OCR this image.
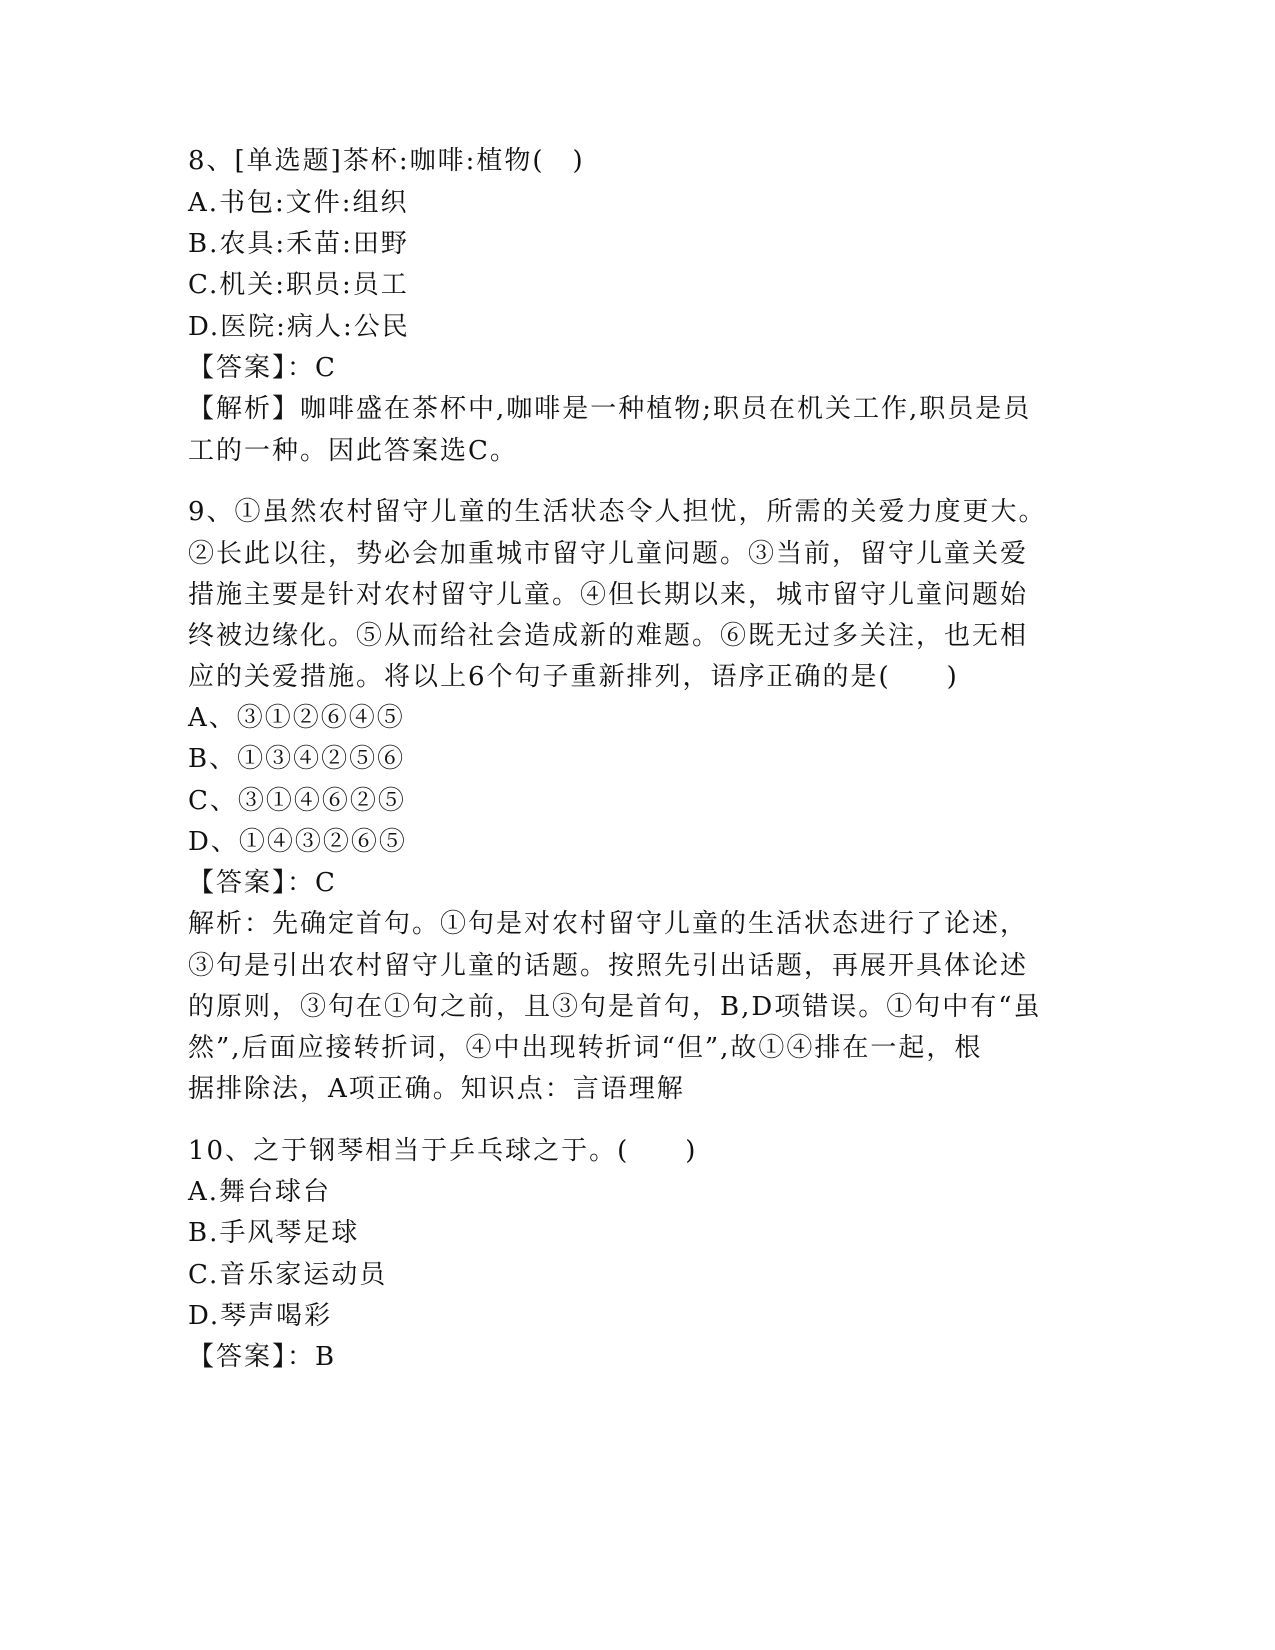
8、[单选题]茶杯:咖啡:植物(　)
A.书包:文件:组织
B.农具:禾苗:田野
C.机关:职员:员工
D.医院:病人:公民
【答案】：C
【解析】咖啡盛在茶杯中,咖啡是一种植物;职员在机关工作,职员是员
工的一种。因此答案选C。
9、①虽然农村留守儿童的生活状态令人担忧，所需的关爱力度更大。
②长此以往，势必会加重城市留守儿童问题。③当前，留守儿童关爱
措施主要是针对农村留守儿童。④但长期以来，城市留守儿童问题始
终被边缘化。⑤从而给社会造成新的难题。⑥既无过多关注，也无相
应的关爱措施。将以上6个句子重新排列，语序正确的是(　　)
A、③①②⑥④⑤
B、①③④②⑤⑥
C、③①④⑥②⑤
D、①④③②⑥⑤
【答案】：C
解析：先确定首句。①句是对农村留守儿童的生活状态进行了论述，
③句是引出农村留守儿童的话题。按照先引出话题，再展开具体论述
的原则，③句在①句之前，且③句是首句，B,D项错误。①句中有“虽
然”,后面应接转折词，④中出现转折词“但”,故①④排在一起，根
据排除法，A项正确。知识点：言语理解
10、之于钢琴相当于乒乓球之于。(　　)
A.舞台球台
B.手风琴足球
C.音乐家运动员
D.琴声喝彩
【答案】：B
